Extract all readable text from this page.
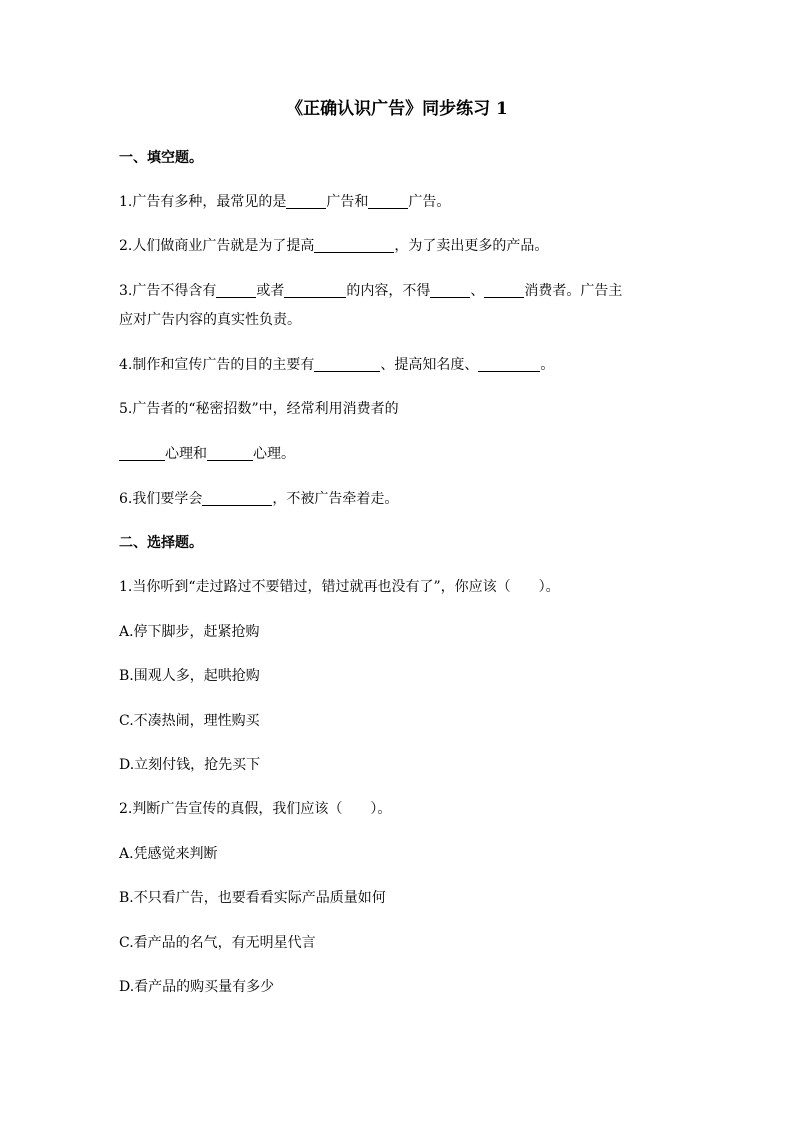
《正确认识广告》同步练习 1
一、填空题。
1.广告有多种，最常见的是	广告和	广告。
2.人们做商业广告就是为了提高	，为了卖出更多的产品。
3.广告不得含有	或者	的内容，不得	、	消费者。广告主
应对广告内容的真实性负责。
4.制作和宣传广告的目的主要有	、提高知名度、	。
5.广告者的“秘密招数”中，经常利用消费者的
心理和	心理。
6.我们要学会	，不被广告牵着走。
二、选择题。
1.当你听到“走过路过不要错过，错过就再也没有了”，你应该（　　）。
A.停下脚步，赶紧抢购
B.围观人多，起哄抢购
C.不凑热闹，理性购买
D.立刻付钱，抢先买下
2.判断广告宣传的真假，我们应该（　　）。
A.凭感觉来判断
B.不只看广告，也要看看实际产品质量如何
C.看产品的名气，有无明星代言
D.看产品的购买量有多少
